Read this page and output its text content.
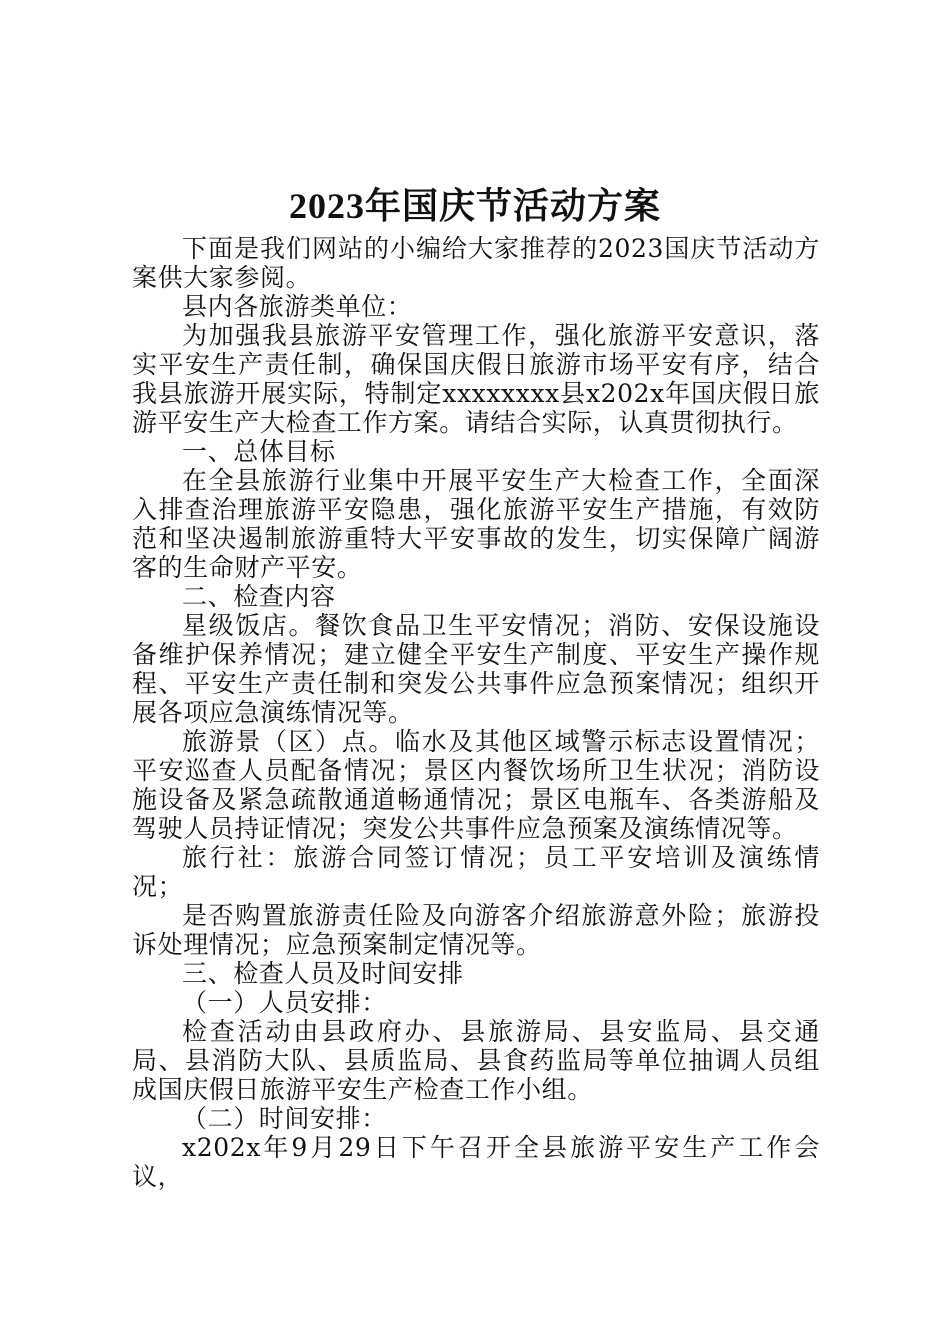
2023年国庆节活动方案

下面是我们网站的小编给大家推荐的2023国庆节活动方案供大家参阅。

县内各旅游类单位：

为加强我县旅游平安管理工作，强化旅游平安意识，落实平安生产责任制，确保国庆假日旅游市场平安有序，结合我县旅游开展实际，特制定xxxxxxxx县x202x年国庆假日旅游平安生产大检查工作方案。请结合实际，认真贯彻执行。

一、总体目标

在全县旅游行业集中开展平安生产大检查工作，全面深入排查治理旅游平安隐患，强化旅游平安生产措施，有效防范和坚决遏制旅游重特大平安事故的发生，切实保障广阔游客的生命财产平安。

二、检查内容

星级饭店。餐饮食品卫生平安情况；消防、安保设施设备维护保养情况；建立健全平安生产制度、平安生产操作规程、平安生产责任制和突发公共事件应急预案情况；组织开展各项应急演练情况等。

旅游景（区）点。临水及其他区域警示标志设置情况；平安巡查人员配备情况；景区内餐饮场所卫生状况；消防设施设备及紧急疏散通道畅通情况；景区电瓶车、各类游船及驾驶人员持证情况；突发公共事件应急预案及演练情况等。

旅行社：旅游合同签订情况；员工平安培训及演练情况；

是否购置旅游责任险及向游客介绍旅游意外险；旅游投诉处理情况；应急预案制定情况等。

三、检查人员及时间安排

（一）人员安排：

检查活动由县政府办、县旅游局、县安监局、县交通局、县消防大队、县质监局、县食药监局等单位抽调人员组成国庆假日旅游平安生产检查工作小组。

（二）时间安排：

x202x年9月29日下午召开全县旅游平安生产工作会议，
